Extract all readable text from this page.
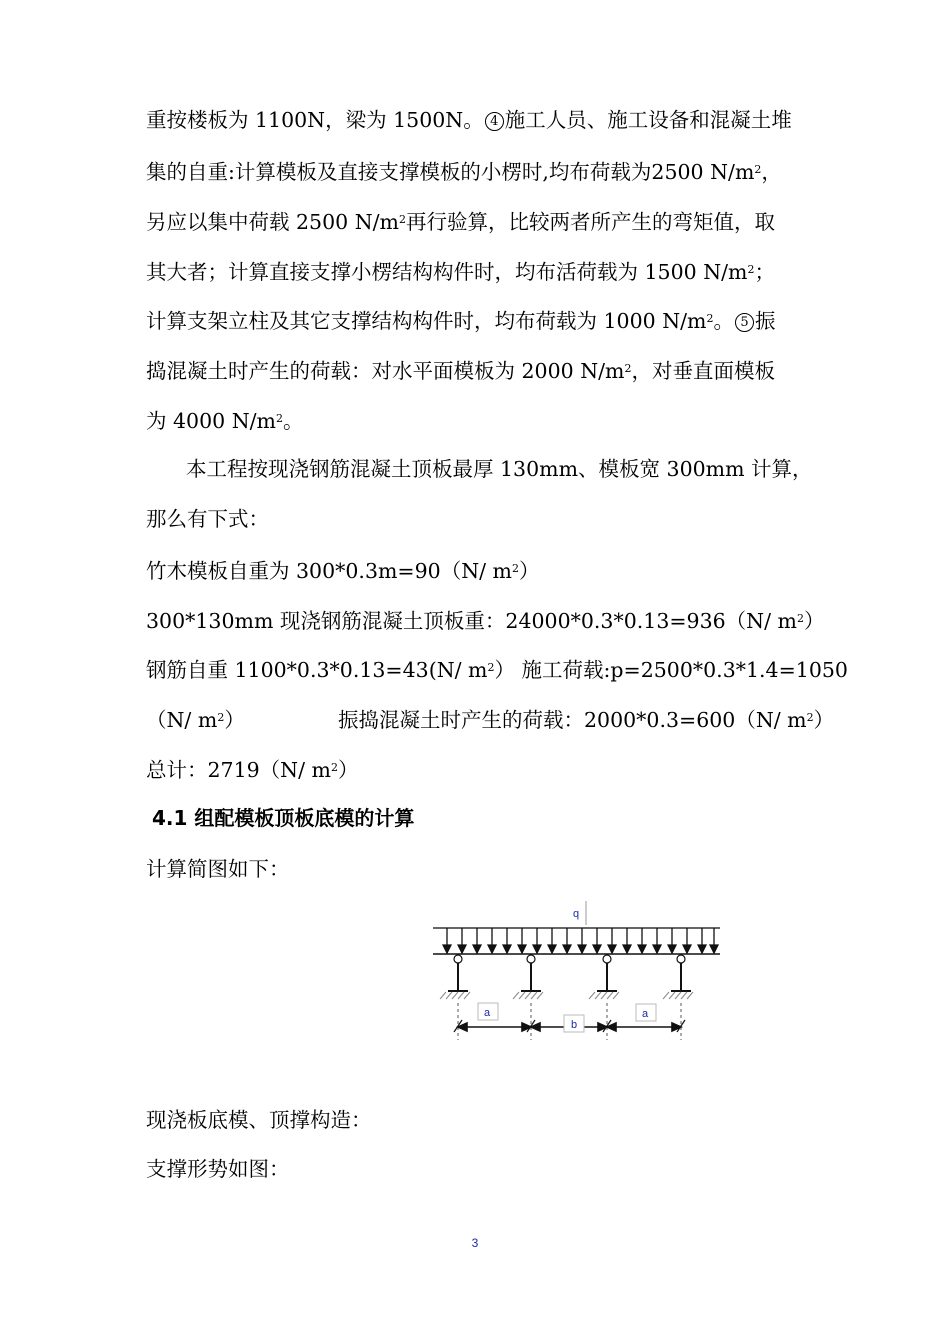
重按楼板为 1100N，梁为 1500N。 4 施工人员、施工设备和混凝土堆
集的自重:计算模板及直接支撑模板的小楞时,均布荷载为2500 $N/m^2$，
另应以集中荷载 2500 $N/m^2$再行验算，比较两者所产生的弯矩值，取
其大者；计算直接支撑小楞结构构件时，均布活荷载为 1500 $N/m^2$；
计算支架立柱及其它支撑结构构件时，均布荷载为 1000 $N/m^2$。 5 振
捣混凝土时产生的荷载：对水平面模板为 2000 $N/m^2$，对垂直面模板
为 4000 $N/m^2$。
本工程按现浇钢筋混凝土顶板最厚 130mm、模板宽 300mm 计算，
那么有下式：
竹木模板自重为 300*0.3m=90（N/ $m^2$）
300*130mm 现浇钢筋混凝土顶板重：24000*0.3*0.13=936（N/ $m^2$）
钢筋自重 1100*0.3*0.13=43(N/ $m^2$） 施工荷载:p=2500*0.3*1.4=1050
（N/ $m^2$）	振捣混凝土时产生的荷载：2000*0.3=600（N/ $m^2$）
总计：2719（N/ $m^2$）
4.1 组配模板顶板底模的计算
计算简图如下：
q
a
b
a
现浇板底模、顶撑构造：
支撑形势如图：
3
